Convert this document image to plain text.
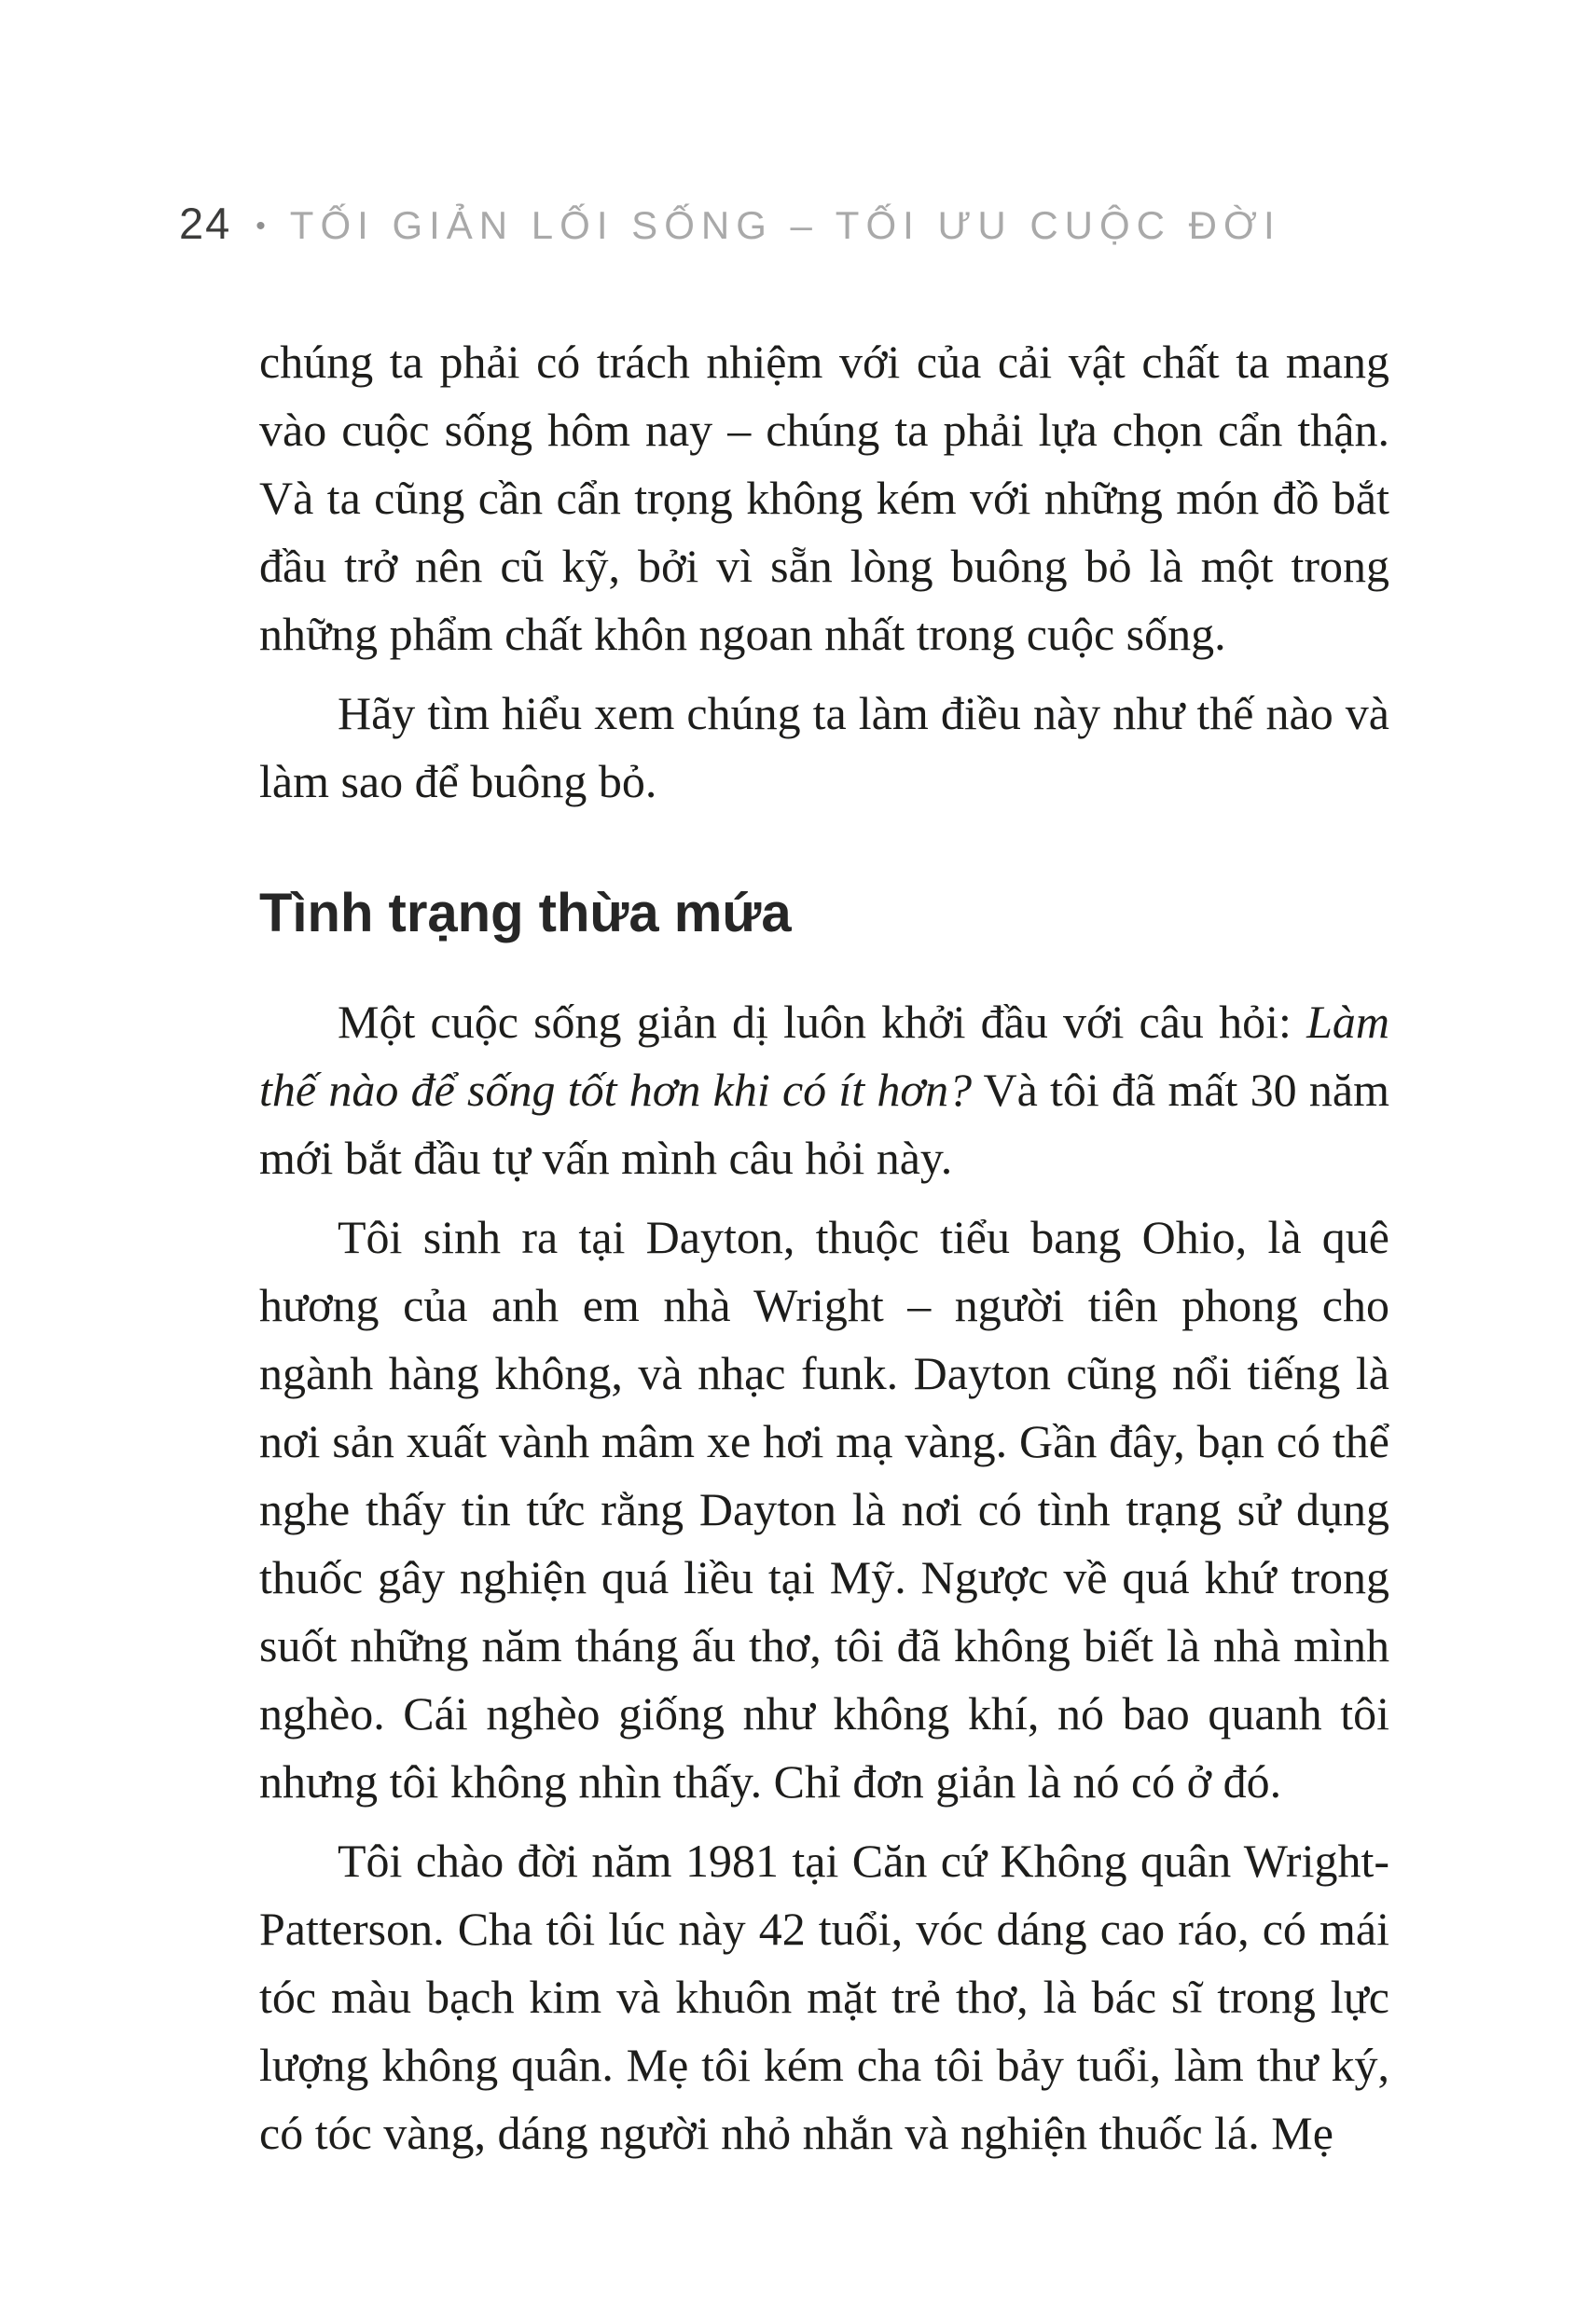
24 • TỐI GIẢN LỐI SỐNG – TỐI ƯU CUỘC ĐỜI

chúng ta phải có trách nhiệm với của cải vật chất ta mang vào cuộc sống hôm nay – chúng ta phải lựa chọn cẩn thận. Và ta cũng cần cẩn trọng không kém với những món đồ bắt đầu trở nên cũ kỹ, bởi vì sẵn lòng buông bỏ là một trong những phẩm chất khôn ngoan nhất trong cuộc sống.

Hãy tìm hiểu xem chúng ta làm điều này như thế nào và làm sao để buông bỏ.

Tình trạng thừa mứa

Một cuộc sống giản dị luôn khởi đầu với câu hỏi: Làm thế nào để sống tốt hơn khi có ít hơn? Và tôi đã mất 30 năm mới bắt đầu tự vấn mình câu hỏi này.

Tôi sinh ra tại Dayton, thuộc tiểu bang Ohio, là quê hương của anh em nhà Wright – người tiên phong cho ngành hàng không, và nhạc funk. Dayton cũng nổi tiếng là nơi sản xuất vành mâm xe hơi mạ vàng. Gần đây, bạn có thể nghe thấy tin tức rằng Dayton là nơi có tình trạng sử dụng thuốc gây nghiện quá liều tại Mỹ. Ngược về quá khứ trong suốt những năm tháng ấu thơ, tôi đã không biết là nhà mình nghèo. Cái nghèo giống như không khí, nó bao quanh tôi nhưng tôi không nhìn thấy. Chỉ đơn giản là nó có ở đó.

Tôi chào đời năm 1981 tại Căn cứ Không quân Wright-Patterson. Cha tôi lúc này 42 tuổi, vóc dáng cao ráo, có mái tóc màu bạch kim và khuôn mặt trẻ thơ, là bác sĩ trong lực lượng không quân. Mẹ tôi kém cha tôi bảy tuổi, làm thư ký, có tóc vàng, dáng người nhỏ nhắn và nghiện thuốc lá. Mẹ
